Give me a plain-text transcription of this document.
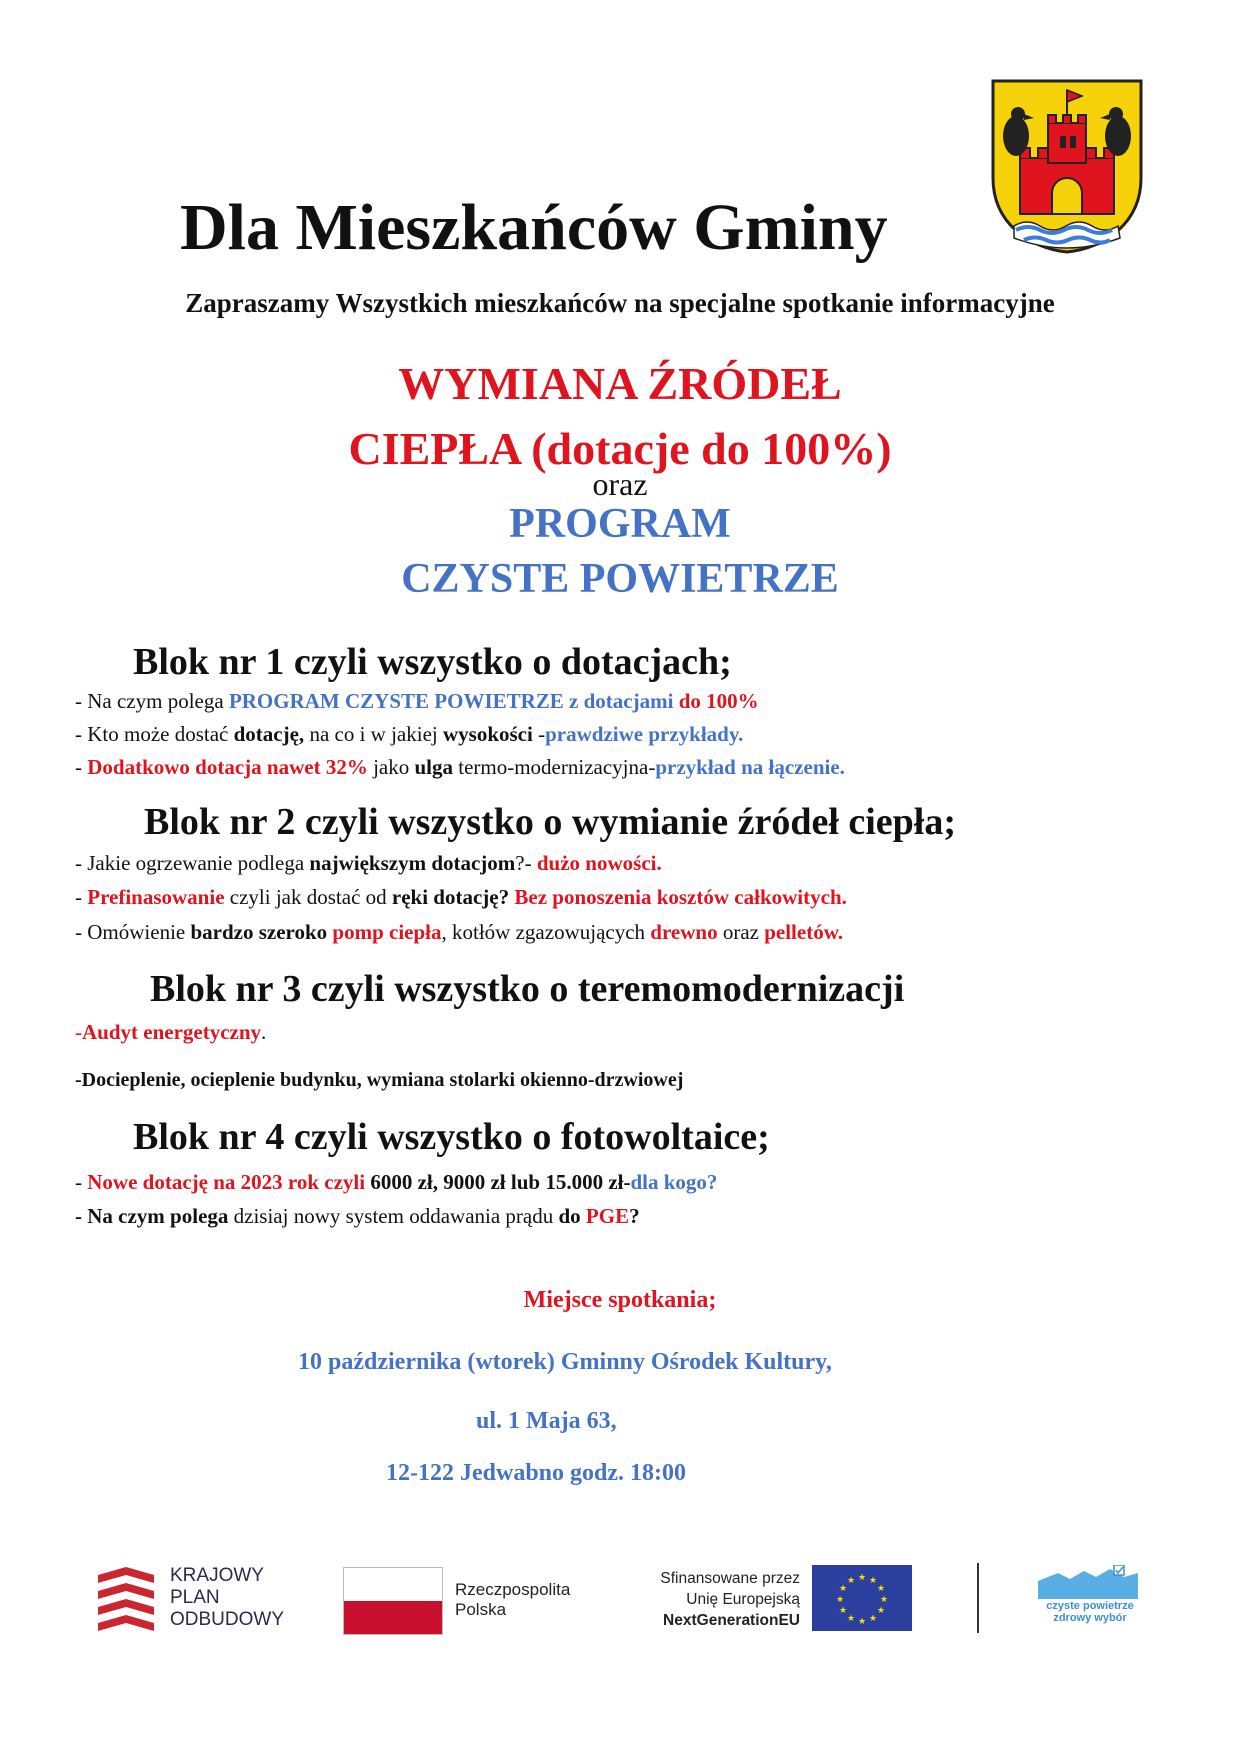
Dla Mieszkańców Gminy
Zapraszamy Wszystkich mieszkańców na specjalne spotkanie informacyjne
WYMIANA ŹRÓDEŁ
CIEPŁA (dotacje do 100%)
oraz
PROGRAM
CZYSTE POWIETRZE
Blok nr 1 czyli wszystko o dotacjach;
- Na czym polega PROGRAM CZYSTE POWIETRZE z dotacjami do 100%
- Kto może dostać dotację, na co i w jakiej wysokości -prawdziwe przykłady.
- Dodatkowo dotacja nawet 32% jako ulga termo-modernizacyjna-przykład na łączenie.
Blok nr 2 czyli wszystko o wymianie źródeł ciepła;
- Jakie ogrzewanie podlega największym dotacjom?- dużo nowości.
- Prefinasowanie czyli jak dostać od ręki dotację? Bez ponoszenia kosztów całkowitych.
- Omówienie bardzo szeroko pomp ciepła, kotłów zgazowujących drewno oraz pelletów.
Blok nr 3 czyli wszystko o teremomodernizacji
-Audyt energetyczny.
-Docieplenie, ocieplenie budynku, wymiana stolarki okienno-drzwiowej
Blok nr 4 czyli wszystko o fotowoltaice;
- Nowe dotację na 2023 rok czyli 6000 zł, 9000 zł lub 15.000 zł-dla kogo?
- Na czym polega dzisiaj nowy system oddawania prądu do PGE?
Miejsce spotkania;
10 października (wtorek) Gminny Ośrodek Kultury,
ul. 1 Maja 63,
12-122 Jedwabno godz. 18:00
KRAJOWY
PLAN
ODBUDOWY
Rzeczpospolita
Polska
Sfinansowane przez
Unię Europejską
NextGenerationEU
★ ★
★
★
★
★
★
★
★
★
★
★
czyste powietrze
zdrowy wybór
